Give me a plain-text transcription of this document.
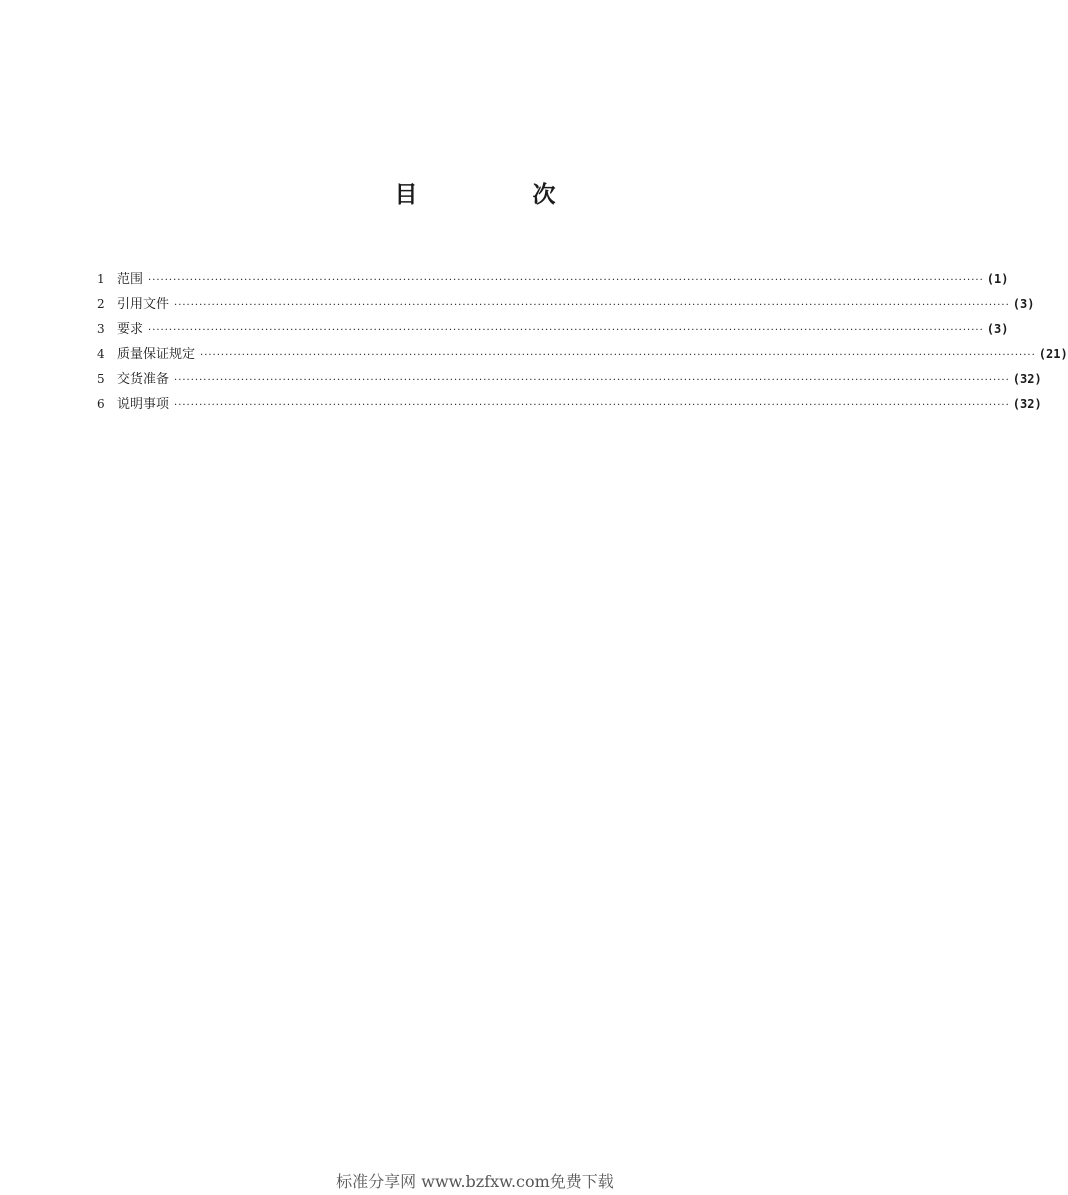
目　次
1 范围 ········································································································································································································ (1)
2 引用文件 ········································································································································································································ (3)
3 要求 ········································································································································································································ (3)
4 质量保证规定 ········································································································································································································ (21)
5 交货准备 ········································································································································································································ (32)
6 说明事项 ········································································································································································································ (32)
标准分享网 www.bzfxw.com免费下载
